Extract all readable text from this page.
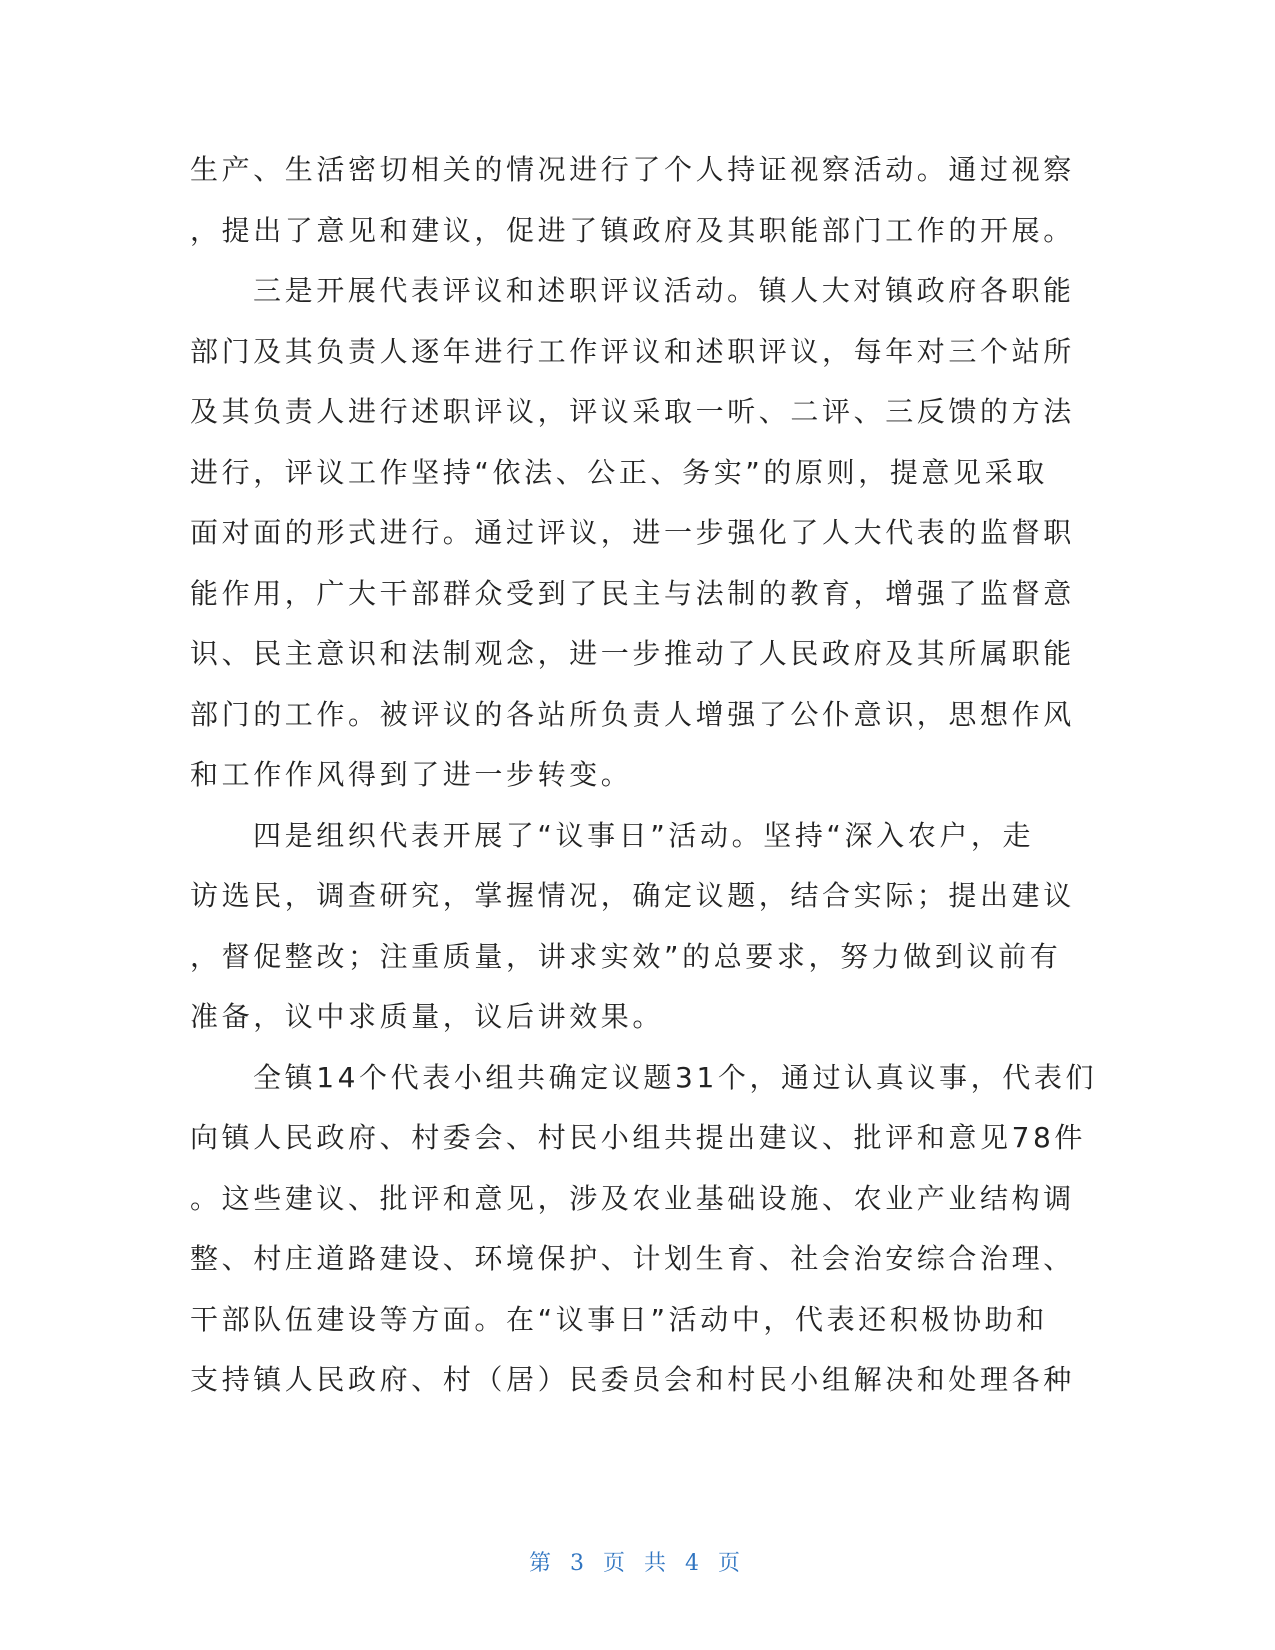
生产、生活密切相关的情况进行了个人持证视察活动。通过视察
，提出了意见和建议，促进了镇政府及其职能部门工作的开展。
三是开展代表评议和述职评议活动。镇人大对镇政府各职能
部门及其负责人逐年进行工作评议和述职评议，每年对三个站所
及其负责人进行述职评议，评议采取一听、二评、三反馈的方法
进行，评议工作坚持“依法、公正、务实”的原则，提意见采取
面对面的形式进行。通过评议，进一步强化了人大代表的监督职
能作用，广大干部群众受到了民主与法制的教育，增强了监督意
识、民主意识和法制观念，进一步推动了人民政府及其所属职能
部门的工作。被评议的各站所负责人增强了公仆意识，思想作风
和工作作风得到了进一步转变。
四是组织代表开展了“议事日”活动。坚持“深入农户，走
访选民，调查研究，掌握情况，确定议题，结合实际；提出建议
，督促整改；注重质量，讲求实效”的总要求，努力做到议前有
准备，议中求质量，议后讲效果。
全镇14个代表小组共确定议题31个，通过认真议事，代表们
向镇人民政府、村委会、村民小组共提出建议、批评和意见78件
。这些建议、批评和意见，涉及农业基础设施、农业产业结构调
整、村庄道路建设、环境保护、计划生育、社会治安综合治理、
干部队伍建设等方面。在“议事日”活动中，代表还积极协助和
支持镇人民政府、村（居）民委员会和村民小组解决和处理各种
第 3 页 共 4 页
